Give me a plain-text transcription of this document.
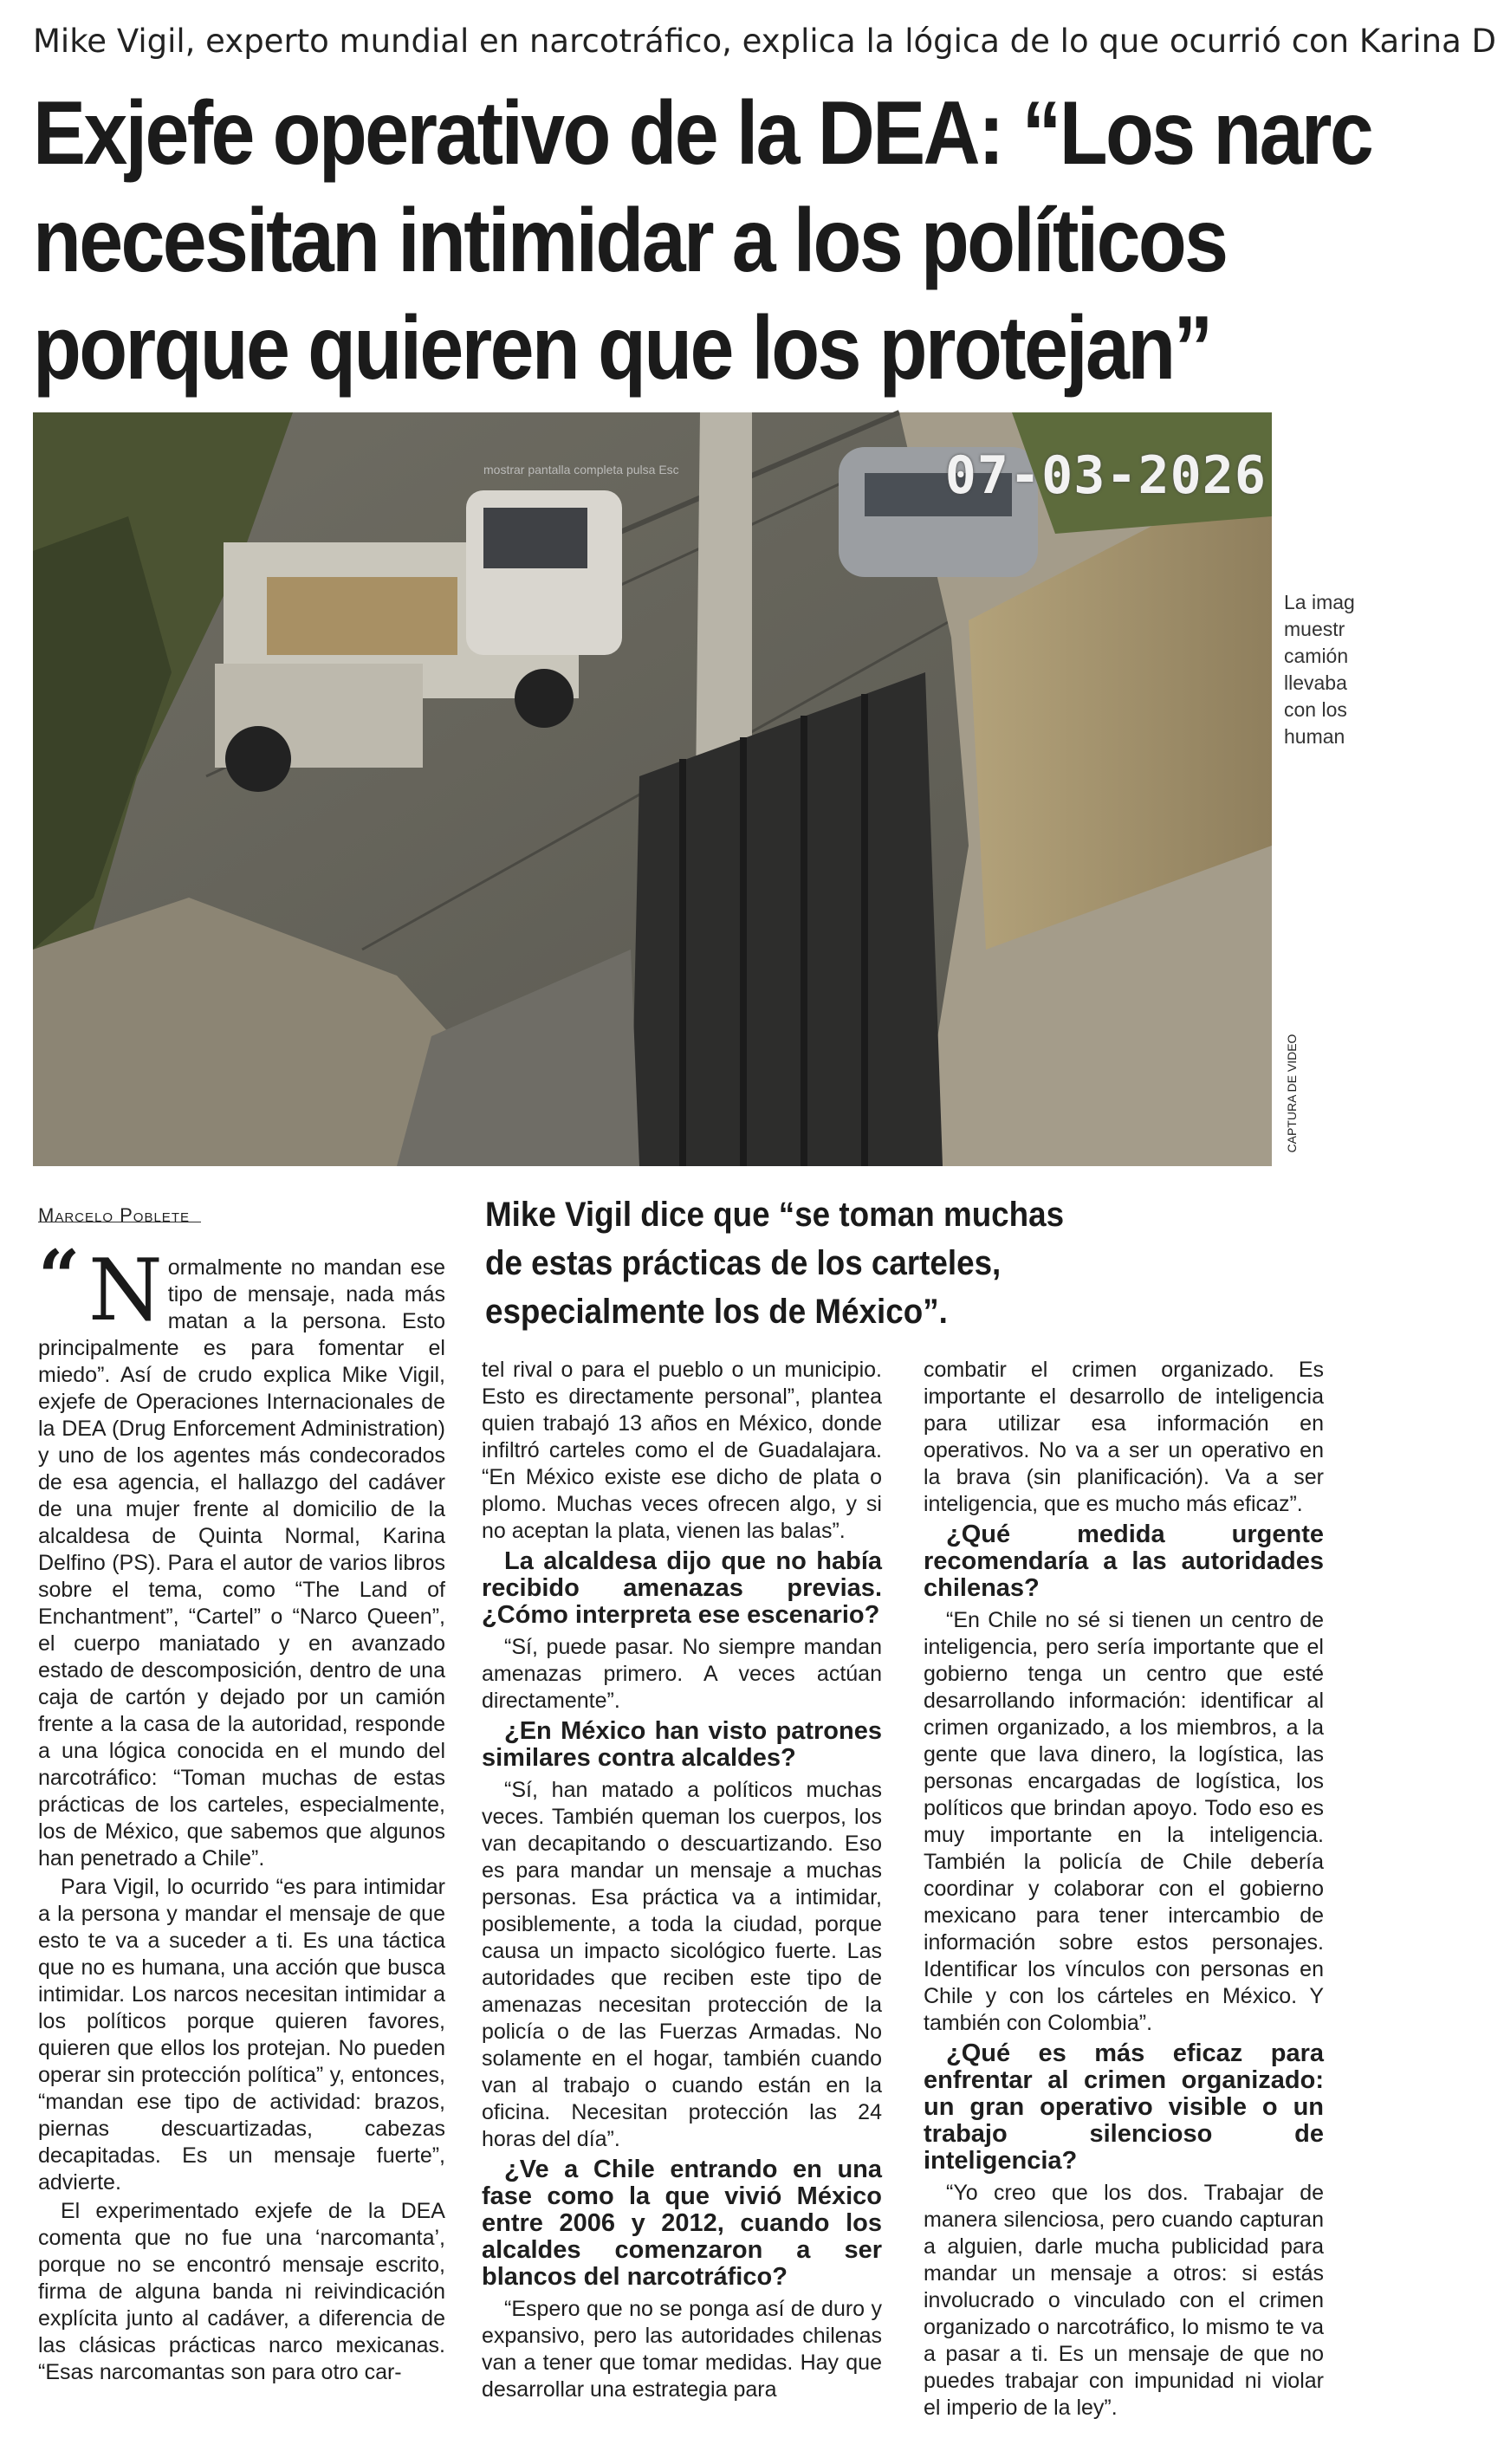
Mike Vigil, experto mundial en narcotráfico, explica la lógica de lo que ocurrió con Karina D
Exjefe operativo de la DEA: “Los narc
necesitan intimidar a los políticos
porque quieren que los protejan”
mostrar pantalla completa pulsa Esc	07-03-2026
CAPTURA DE VIDEO
La imag
muestr
camión
llevaba
con los
human
Marcelo Poblete	Mike Vigil dice que “se toman muchas de estas prácticas de los carteles, especialmente los de México”.
“ N ormalmente no mandan ese tipo de mensaje, nada más matan a la persona. Esto principalmente es para fomentar el miedo”. Así de crudo explica Mike Vigil, exjefe de Operaciones Internacionales de la DEA (Drug Enforcement Administration) y uno de los agentes más condecorados de esa agencia, el hallazgo del cadáver de una mujer frente al domicilio de la alcaldesa de Quinta Normal, Karina Delfino (PS). Para el autor de varios libros sobre el tema, como “The Land of Enchantment”, “Cartel” o “Narco Queen”, el cuerpo maniatado y en avanzado estado de descomposición, dentro de una caja de cartón y dejado por un camión frente a la casa de la autoridad, responde a una lógica conocida en el mundo del narcotráfico: “Toman muchas de estas prácticas de los carteles, especialmente, los de México, que sabemos que algunos han penetrado a Chile”.

Para Vigil, lo ocurrido “es para intimidar a la persona y mandar el mensaje de que esto te va a suceder a ti. Es una táctica que no es humana, una acción que busca intimidar. Los narcos necesitan intimidar a los políticos porque quieren favores, quieren que ellos los protejan. No pueden operar sin protección política” y, entonces, “mandan ese tipo de actividad: brazos, piernas descuartizadas, cabezas decapitadas. Es un mensaje fuerte”, advierte.

El experimentado exjefe de la DEA comenta que no fue una ‘narcomanta’, porque no se encontró mensaje escrito, firma de alguna banda ni reivindicación explícita junto al cadáver, a diferencia de las clásicas prácticas narco mexicanas. “Esas narcomantas son para otro car-

tel rival o para el pueblo o un municipio. Esto es directamente personal”, plantea quien trabajó 13 años en México, donde infiltró carteles como el de Guadalajara. “En México existe ese dicho de plata o plomo. Muchas veces ofrecen algo, y si no aceptan la plata, vienen las balas”.

La alcaldesa dijo que no había recibido amenazas previas. ¿Cómo interpreta ese escenario?

“Sí, puede pasar. No siempre mandan amenazas primero. A veces actúan directamente”.

¿En México han visto patrones similares contra alcaldes?

“Sí, han matado a políticos muchas veces. También queman los cuerpos, los van decapitando o descuartizando. Eso es para mandar un mensaje a muchas personas. Esa práctica va a intimidar, posiblemente, a toda la ciudad, porque causa un impacto sicológico fuerte. Las autoridades que reciben este tipo de amenazas necesitan protección de la policía o de las Fuerzas Armadas. No solamente en el hogar, también cuando van al trabajo o cuando están en la oficina. Necesitan protección las 24 horas del día”.

¿Ve a Chile entrando en una fase como la que vivió México entre 2006 y 2012, cuando los alcaldes comenzaron a ser blancos del narcotráfico?

“Espero que no se ponga así de duro y expansivo, pero las autoridades chilenas van a tener que tomar medidas. Hay que desarrollar una estrategia para

combatir el crimen organizado. Es importante el desarrollo de inteligencia para utilizar esa información en operativos. No va a ser un operativo en la brava (sin planificación). Va a ser inteligencia, que es mucho más eficaz”.

¿Qué medida urgente recomendaría a las autoridades chilenas?

“En Chile no sé si tienen un centro de inteligencia, pero sería importante que el gobierno tenga un centro que esté desarrollando información: identificar al crimen organizado, a los miembros, a la gente que lava dinero, la logística, las personas encargadas de logística, los políticos que brindan apoyo. Todo eso es muy importante en la inteligencia. También la policía de Chile debería coordinar y colaborar con el gobierno mexicano para tener intercambio de información sobre estos personajes. Identificar los vínculos con personas en Chile y con los cárteles en México. Y también con Colombia”.

¿Qué es más eficaz para enfrentar al crimen organizado: un gran operativo visible o un trabajo silencioso de inteligencia?

“Yo creo que los dos. Trabajar de manera silenciosa, pero cuando capturan a alguien, darle mucha publicidad para mandar un mensaje a otros: si estás involucrado o vinculado con el crimen organizado o narcotráfico, lo mismo te va a pasar a ti. Es un mensaje de que no puedes trabajar con impunidad ni violar el imperio de la ley”.
